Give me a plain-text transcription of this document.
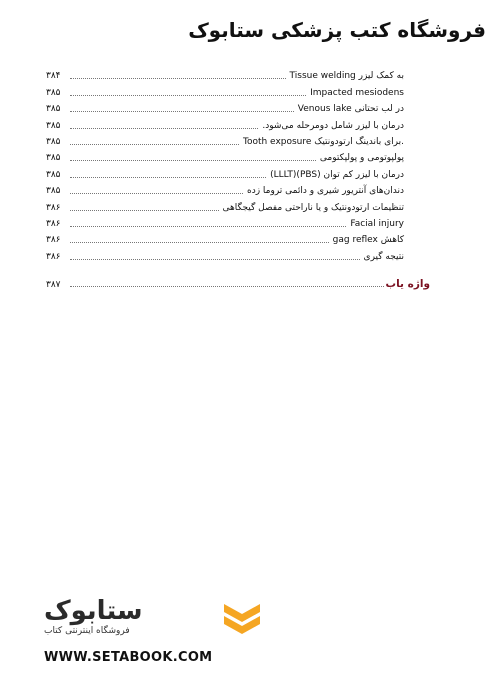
فروشگاه کتب پزشکی ستابوک
Tissue welding به کمک لیزر
۳۸۴
Impacted mesiodens
۳۸۵
Venous lake در لب تحتانی
۳۸۵
درمان با لیزر شامل دومرحله می‌شود.
۳۸۵
Tooth exposure برای باندینگ ارتودونتیک.
۳۸۵
پولپوتومی و پولپکتومی
۳۸۵
درمان با لیزر کم توان (PBS)(LLLT)
۳۸۵
دندان‌های آنتریور شیری و دائمی تروما زده
۳۸۵
تنظیمات ارتودونتیک و یا ناراحتی مفصل گیجگاهی
۳۸۶
Facial injury
۳۸۶
کاهش gag reflex
۳۸۶
نتیجه گیری
۳۸۶
واژه یاب
۳۸۷
ستابوک
فروشگاه اینترنتی کتاب
WWW.SETABOOK.COM
